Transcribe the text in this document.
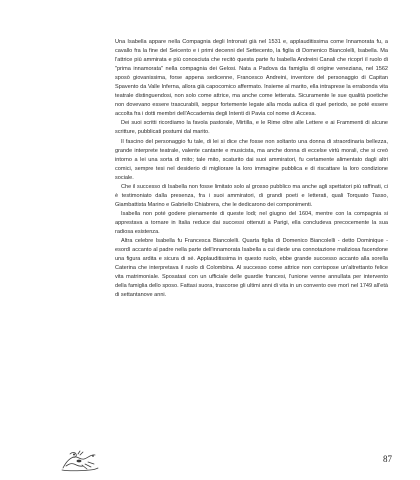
Una Isabella appare nella Compagnia degli Intronati già nel 1531 e, applauditissima come Innamorata fu, a cavallo fra la fine del Seicento e i primi decenni del Settecento, la figlia di Domenico Biancolelli, Isabella. Ma l'attrice più ammirata e più conosciuta che recitò questa parte fu Isabella Andreini Canali che ricoprì il ruolo di "prima innamorata" nella compagnia dei Gelosi. Nata a Padova da famiglia di origine veneziana, nel 1562 sposò giovanissima, forse appena sedicenne, Francesco Andreini, inventore del personaggio di Capitan Spavento da Valle Inferna, allora già capocomico affermato. Insieme al marito, ella intraprese la errabonda vita teatrale distinguendosi, non solo come attrice, ma anche come letterata. Sicuramente le sue qualità poetiche non dovevano essere trascurabili, seppur fortemente legate alla moda aulica di quel periodo, se poté essere accolta fra i dotti membri dell'Accademia degli Intenti di Pavia col nome di Accesa.

Dei suoi scritti ricordiamo la favola pastorale, Mirtilla, e le Rime oltre alle Lettere e ai Frammenti di alcune scritture, pubblicati postumi dal marito.

Il fascino del personaggio fu tale, di lei si dice che fosse non soltanto una donna di straordinaria bellezza, grande interprete teatrale, valente cantante e musicista, ma anche donna di eccelse virtù morali, che si creò intorno a lei una sorta di mito; tale mito, scaturito dai suoi ammiratori, fu certamente alimentato dagli altri comici, sempre tesi nel desiderio di migliorare la loro immagine pubblica e di riscattare la loro condizione sociale.

Che il successo di Isabella non fosse limitato solo al grosso pubblico ma anche agli spettatori più raffinati, ci è testimoniato dalla presenza, fra i suoi ammiratori, di grandi poeti e letterati, quali Torquato Tasso, Giambattista Marino e Gabriello Chiabrera, che le dedicarono dei componimenti.

Isabella non poté godere pienamente di queste lodi; nel giugno del 1604, mentre con la compagnia si apprestava a tornare in Italia reduce dai successi ottenuti a Parigi, ella concludeva precocemente la sua radiosa esistenza.

Altra celebre Isabella fu Francesca Biancolelli. Quarta figlia di Domenico Biancolelli - detto Dominique - esordì accanto al padre nella parte dell'innamorata Isabella a cui diede una connotazione maliziosa facendone una figura ardita e sicura di sé. Applauditissima in questo ruolo, ebbe grande successo accanto alla sorella Caterina che interpretava il ruolo di Colombina. Al successo come attrice non corrispose un'altrettanto felice vita matrimoniale. Sposatasi con un ufficiale delle guardie francesi, l'unione venne annullata per intervento della famiglia dello sposo. Fattasi suora, trascorse gli ultimi anni di vita in un convento ove morì nel 1749 all'età di settantanove anni.

87
